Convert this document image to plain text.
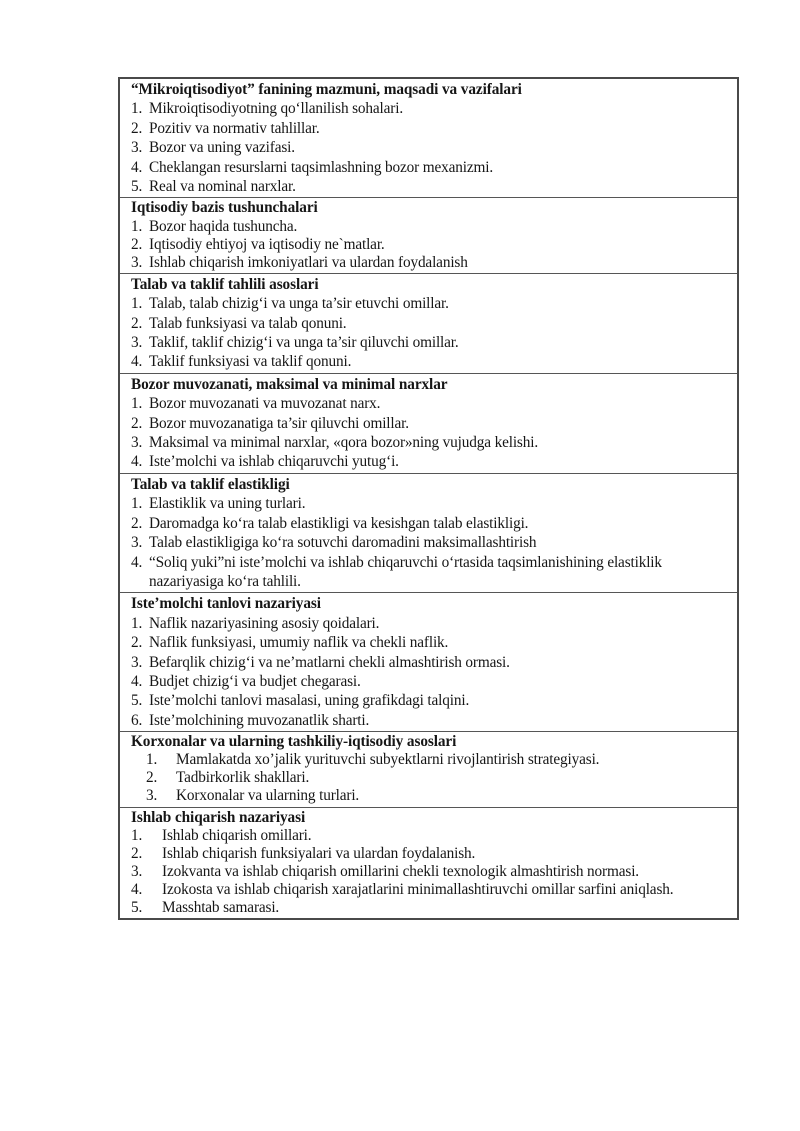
“Mikroiqtisodiyot” fanining mazmuni, maqsadi va vazifalari
1. Mikroiqtisodiyotning qo‘llanilish sohalari.
2. Pozitiv va normativ tahlillar.
3. Bozor va uning vazifasi.
4. Cheklangan resurslarni taqsimlashning bozor mexanizmi.
5. Real va nominal narxlar.
Iqtisodiy bazis tushunchalari
1. Bozor haqida tushuncha.
2. Iqtisodiy ehtiyoj va iqtisodiy ne`matlar.
3. Ishlab chiqarish imkoniyatlari va ulardan foydalanish
Talab va taklif tahlili asoslari
1. Talab, talab chizig‘i va unga ta’sir etuvchi omillar.
2. Talab funksiyasi va talab qonuni.
3. Taklif, taklif chizig‘i va unga ta’sir qiluvchi omillar.
4. Taklif funksiyasi va taklif qonuni.
Bozor muvozanati, maksimal va minimal narxlar
1. Bozor muvozanati va muvozanat narx.
2. Bozor muvozanatiga ta’sir qiluvchi omillar.
3. Maksimal va minimal narxlar, «qora bozor»ning vujudga kelishi.
4. Iste’molchi va ishlab chiqaruvchi yutug‘i.
Talab va taklif elastikligi
1. Elastiklik va uning turlari.
2. Daromadga ko‘ra talab elastikligi va kesishgan talab elastikligi.
3. Talab elastikligiga ko‘ra sotuvchi daromadini maksimallashtirish
4. “Soliq yuki”ni iste’molchi va ishlab chiqaruvchi o‘rtasida taqsimlanishining elastiklik nazariyasiga ko‘ra tahlili.
Iste’molchi tanlovi nazariyasi
1. Naflik nazariyasining asosiy qoidalari.
2. Naflik funksiyasi, umumiy naflik va chekli naflik.
3. Befarqlik chizig‘i va ne’matlarni chekli almashtirish ormasi.
4. Budjet chizig‘i va budjet chegarasi.
5. Iste’molchi tanlovi masalasi, uning grafikdagi talqini.
6. Iste’molchining muvozanatlik sharti.
Korxonalar va ularning tashkiliy-iqtisodiy asoslari
1.	Mamlakatda xo’jalik yurituvchi subyektlarni rivojlantirish strategiyasi.
2.	Tadbirkorlik shakllari.
3.	Korxonalar va ularning turlari.
Ishlab chiqarish nazariyasi
1.	Ishlab chiqarish omillari.
2.	Ishlab chiqarish funksiyalari va ulardan foydalanish.
3.	Izokvanta va ishlab chiqarish omillarini chekli texnologik almashtirish normasi.
4.	Izokosta va ishlab chiqarish xarajatlarini minimallashtiruvchi omillar sarfini aniqlash.
5.	Masshtab samarasi.
